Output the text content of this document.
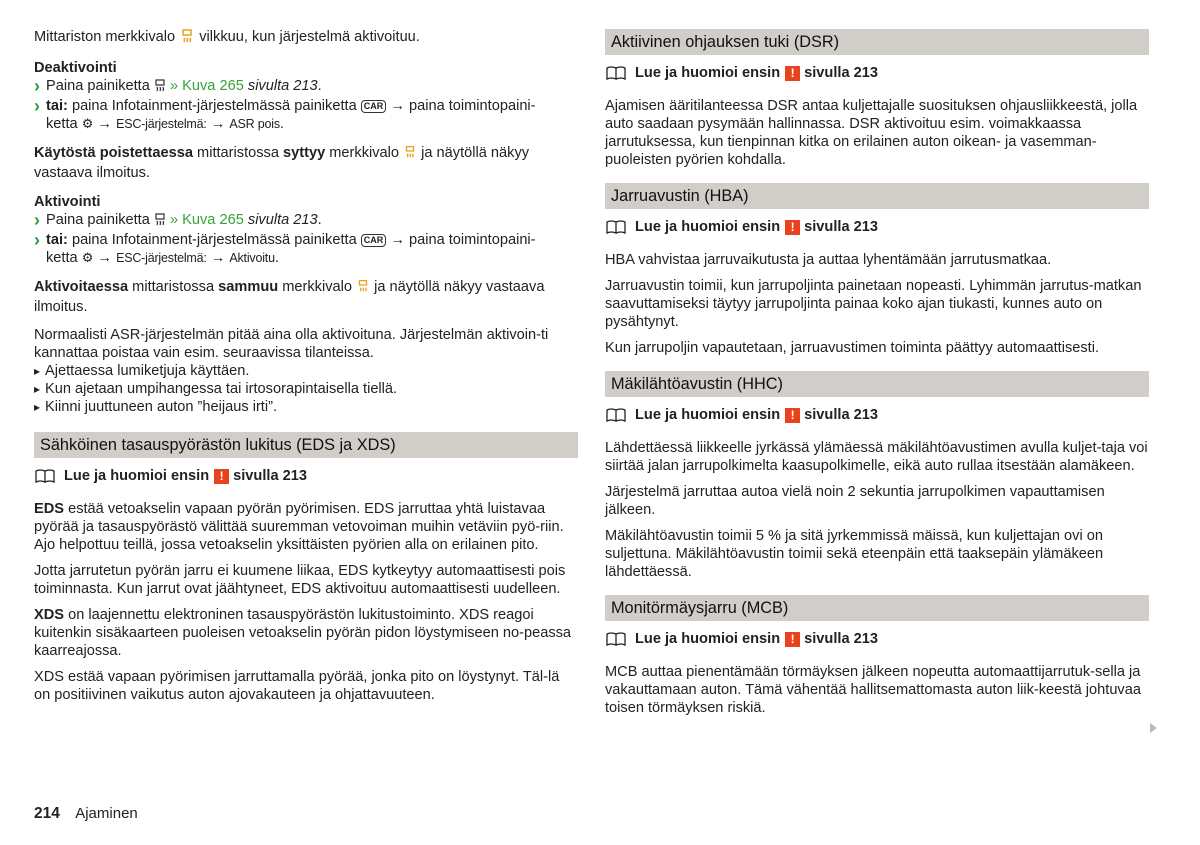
Mittariston merkkivalo vilkkuu, kun järjestelmä aktivoituu.

Deaktivointi

›
Paina painiketta » Kuva 265 sivulta 213.

›
tai: paina Infotainment-järjestelmässä painiketta CAR → paina toimintopaini-
ketta ⚙ → ESC-järjestelmä: → ASR pois.

Käytöstä poistettaessa mittaristossa syttyy merkkivalo ja näytöllä näkyy vastaava ilmoitus.

Aktivointi

›
Paina painiketta » Kuva 265 sivulta 213.

›
tai: paina Infotainment-järjestelmässä painiketta CAR → paina toimintopaini-
ketta ⚙ → ESC-järjestelmä: → Aktivoitu.

Aktivoitaessa mittaristossa sammuu merkkivalo ja näytöllä näkyy vastaava ilmoitus.

Normaalisti ASR-järjestelmän pitää aina olla aktivoituna. Järjestelmän aktivoin-ti kannattaa poistaa vain esim. seuraavissa tilanteissa.

▸ Ajettaessa lumiketjuja käyttäen.

▸ Kun ajetaan umpihangessa tai irtosorapintaisella tiellä.

▸ Kiinni juuttuneen auton ”heijaus irti”.

Sähköinen tasauspyörästön lukitus (EDS ja XDS)
Lue ja huomioi ensin ! sivulla 213

EDS estää vetoakselin vapaan pyörän pyörimisen. EDS jarruttaa yhtä luistavaa pyörää ja tasauspyörästö välittää suuremman vetovoiman muihin vetäviin pyö-riin. Ajo helpottuu teillä, jossa vetoakselin yksittäisten pyörien alla on erilainen pito.

Jotta jarrutetun pyörän jarru ei kuumene liikaa, EDS kytkeytyy automaattisesti pois toiminnasta. Kun jarrut ovat jäähtyneet, EDS aktivoituu automaattisesti uudelleen.

XDS on laajennettu elektroninen tasauspyörästön lukitustoiminto. XDS reagoi kuitenkin sisäkaarteen puoleisen vetoakselin pyörän pidon löystymiseen no-peassa kaarreajossa.

XDS estää vapaan pyörimisen jarruttamalla pyörää, jonka pito on löystynyt. Täl-lä on positiivinen vaikutus auton ajovakauteen ja ohjattavuuteen.

Aktiivinen ohjauksen tuki (DSR)
Lue ja huomioi ensin ! sivulla 213

Ajamisen ääritilanteessa DSR antaa kuljettajalle suosituksen ohjausliikkeestä, jolla auto saadaan pysymään hallinnassa. DSR aktivoituu esim. voimakkaassa jarrutuksessa, kun tienpinnan kitka on erilainen auton oikean- ja vasemman-puoleisten pyörien kohdalla.

Jarruavustin (HBA)
Lue ja huomioi ensin ! sivulla 213

HBA vahvistaa jarruvaikutusta ja auttaa lyhentämään jarrutusmatkaa.

Jarruavustin toimii, kun jarrupoljinta painetaan nopeasti. Lyhimmän jarrutus-matkan saavuttamiseksi täytyy jarrupoljinta painaa koko ajan tiukasti, kunnes auto on pysähtynyt.

Kun jarrupoljin vapautetaan, jarruavustimen toiminta päättyy automaattisesti.

Mäkilähtöavustin (HHC)
Lue ja huomioi ensin ! sivulla 213

Lähdettäessä liikkeelle jyrkässä ylämäessä mäkilähtöavustimen avulla kuljet-taja voi siirtää jalan jarrupolkimelta kaasupolkimelle, eikä auto rullaa itsestään alamäkeen.

Järjestelmä jarruttaa autoa vielä noin 2 sekuntia jarrupolkimen vapauttamisen jälkeen.

Mäkilähtöavustin toimii 5 % ja sitä jyrkemmissä mäissä, kun kuljettajan ovi on suljettuna. Mäkilähtöavustin toimii sekä eteenpäin että taaksepäin ylämäkeen lähdettäessä.

Monitörmäysjarru (MCB)
Lue ja huomioi ensin ! sivulla 213

MCB auttaa pienentämään törmäyksen jälkeen nopeutta automaattijarrutuk-sella ja vakauttamaan auton. Tämä vähentää hallitsemattomasta auton liik-keestä johtuvaa toisen törmäyksen riskiä.

214 Ajaminen
